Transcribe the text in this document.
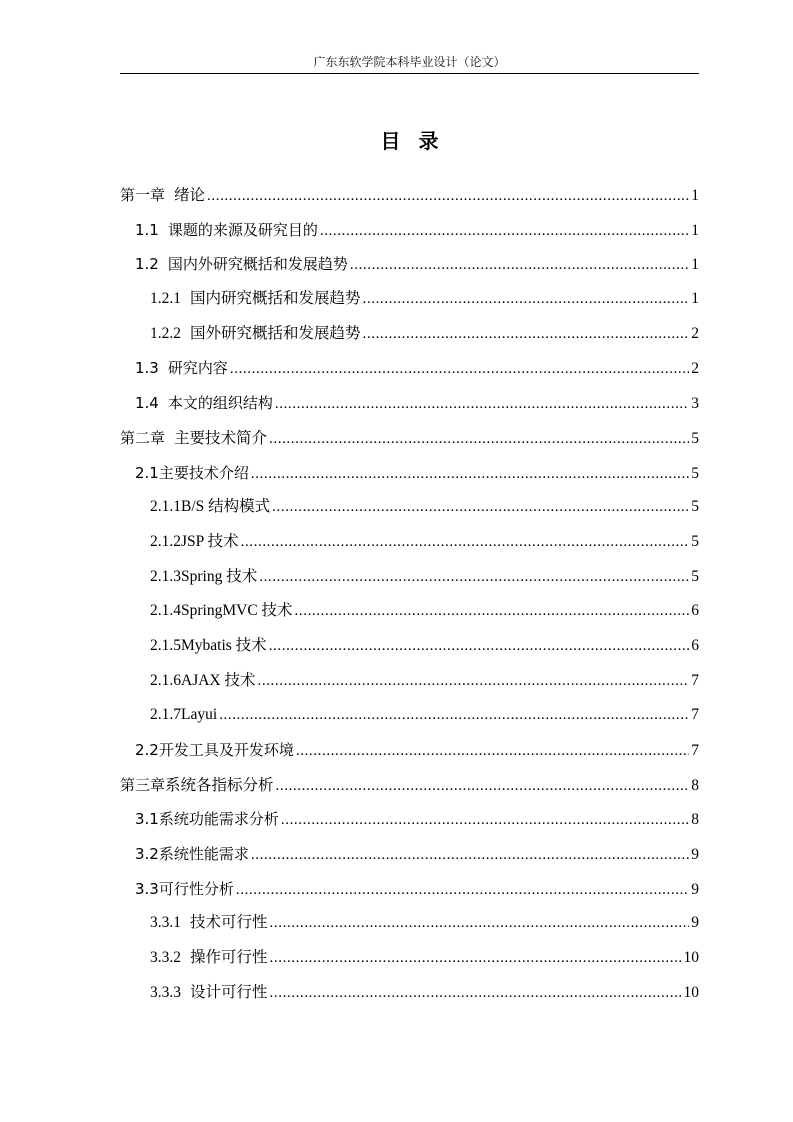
广东东软学院本科毕业设计（论文）
目录
第一章 绪论 .....	1
1.1 课题的来源及研究目的 .....	1
1.2 国内外研究概括和发展趋势 .....	1
1.2.1 国内研究概括和发展趋势 .....	1
1.2.2 国外研究概括和发展趋势 .....	2
1.3 研究内容 .....	2
1.4 本文的组织结构 .....	3
第二章 主要技术简介 .....	5
2.1 主要技术介绍 .....	5
2.1.1 B/S 结构模式 .....	5
2.1.2 JSP 技术 .....	5
2.1.3 Spring 技术 .....	5
2.1.4 SpringMVC 技术 .....	6
2.1.5 Mybatis 技术 .....	6
2.1.6 AJAX 技术 .....	7
2.1.7 Layui .....	7
2.2 开发工具及开发环境 .....	7
第三章 系统各指标分析 .....	8
3.1 系统功能需求分析 .....	8
3.2 系统性能需求 .....	9
3.3 可行性分析 .....	9
3.3.1 技术可行性 .....	9
3.3.2 操作可行性 .....	10
3.3.3 设计可行性 .....	10
